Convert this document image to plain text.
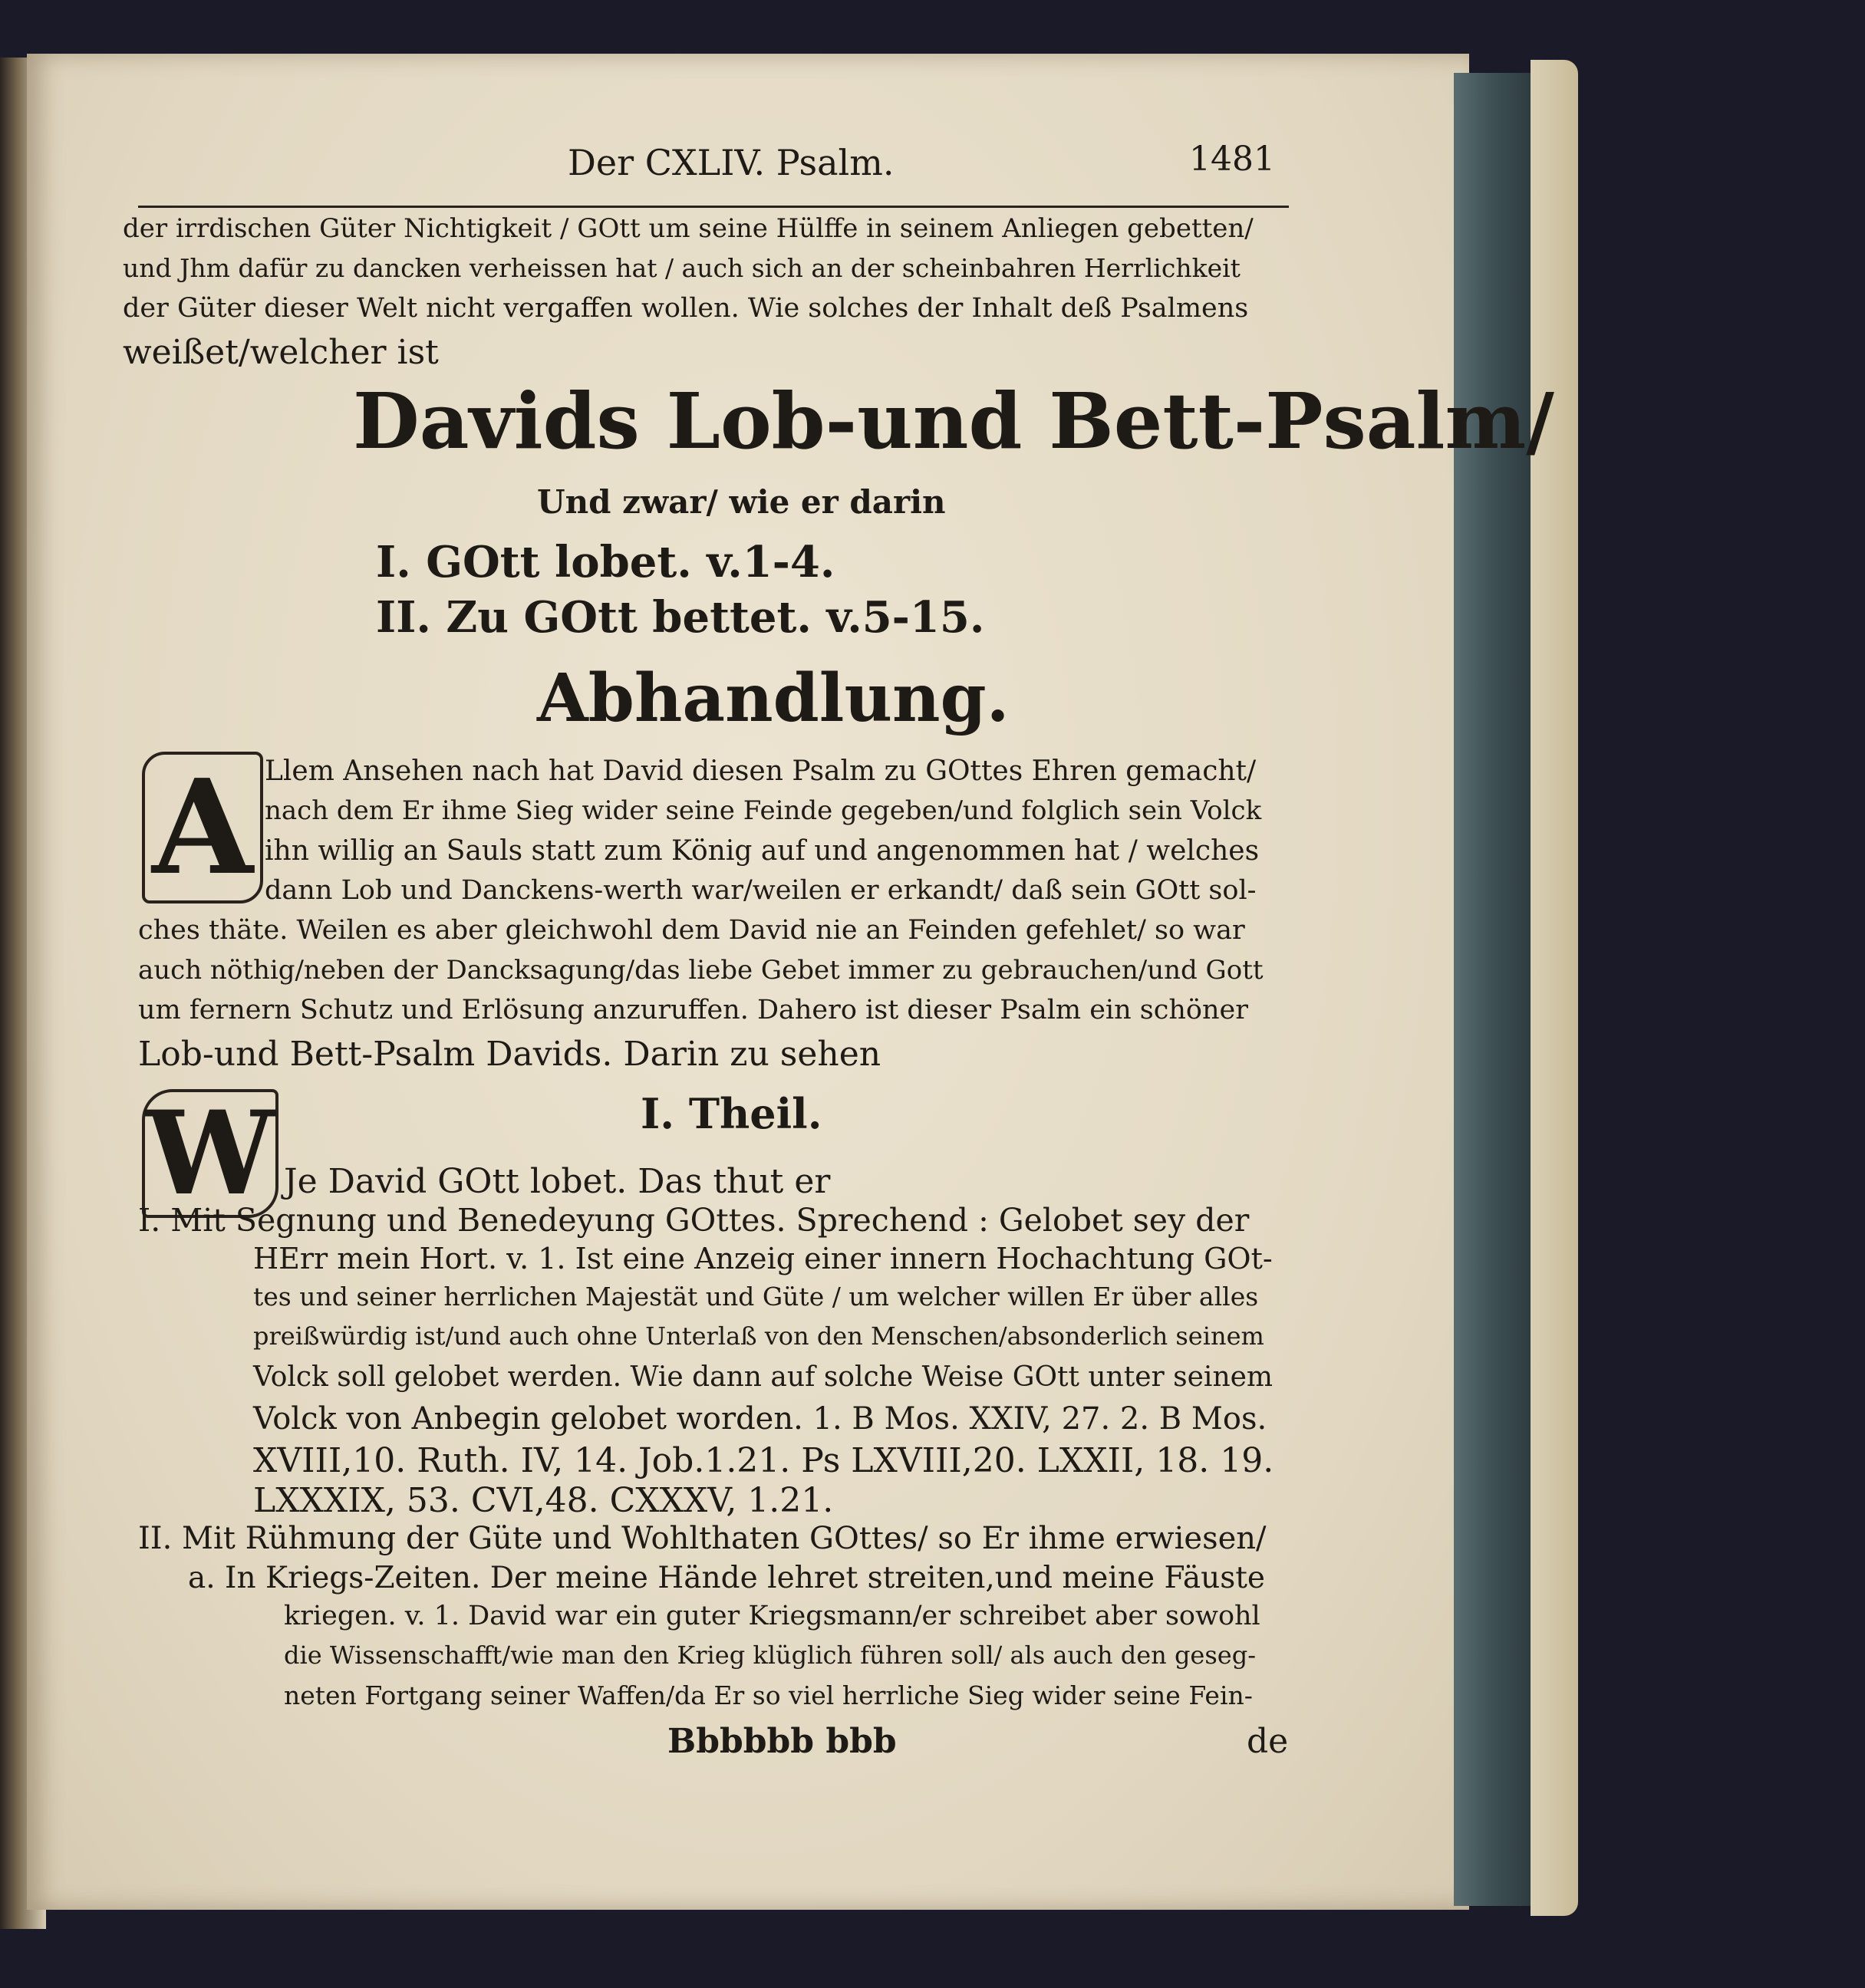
Der CXLIV. Psalm.	1481
der irrdischen Güter Nichtigkeit / GOtt um seine Hülffe in seinem Anliegen gebetten/
und Jhm dafür zu dancken verheissen hat / auch sich an der scheinbahren Herrlichkeit
der Güter dieser Welt nicht vergaffen wollen. Wie solches der Inhalt deß Psalmens
weißet/welcher ist
Davids Lob-und Bett-Psalm/
Und zwar/ wie er darin
I. GOtt lobet. v.1-4.
II. Zu GOtt bettet. v.5-15.
Abhandlung.
A Llem Ansehen nach hat David diesen Psalm zu GOttes Ehren gemacht/
nach dem Er ihme Sieg wider seine Feinde gegeben/und folglich sein Volck
ihn willig an Sauls statt zum König auf und angenommen hat / welches
dann Lob und Danckens-werth war/weilen er erkandt/ daß sein GOtt sol-
ches thäte. Weilen es aber gleichwohl dem David nie an Feinden gefehlet/ so war
auch nöthig/neben der Dancksagung/das liebe Gebet immer zu gebrauchen/und Gott
um fernern Schutz und Erlösung anzuruffen. Dahero ist dieser Psalm ein schöner
Lob-und Bett-Psalm Davids. Darin zu sehen
I. Theil.
W Je David GOtt lobet. Das thut er
I. Mit Segnung und Benedeyung GOttes. Sprechend : Gelobet sey der
HErr mein Hort. v. 1. Ist eine Anzeig einer innern Hochachtung GOt-
tes und seiner herrlichen Majestät und Güte / um welcher willen Er über alles
preißwürdig ist/und auch ohne Unterlaß von den Menschen/absonderlich seinem
Volck soll gelobet werden. Wie dann auf solche Weise GOtt unter seinem
Volck von Anbegin gelobet worden. 1. B Mos. XXIV, 27. 2. B Mos.
XVIII,10. Ruth. IV, 14. Job.1.21. Ps LXVIII,20. LXXII, 18. 19.
LXXXIX, 53. CVI,48. CXXXV, 1.21.
II. Mit Rühmung der Güte und Wohlthaten GOttes/ so Er ihme erwiesen/
a. In Kriegs-Zeiten. Der meine Hände lehret streiten,und meine Fäuste
kriegen. v. 1. David war ein guter Kriegsmann/er schreibet aber sowohl
die Wissenschafft/wie man den Krieg klüglich führen soll/ als auch den geseg-
neten Fortgang seiner Waffen/da Er so viel herrliche Sieg wider seine Fein-
Bbbbbb bbb	de
